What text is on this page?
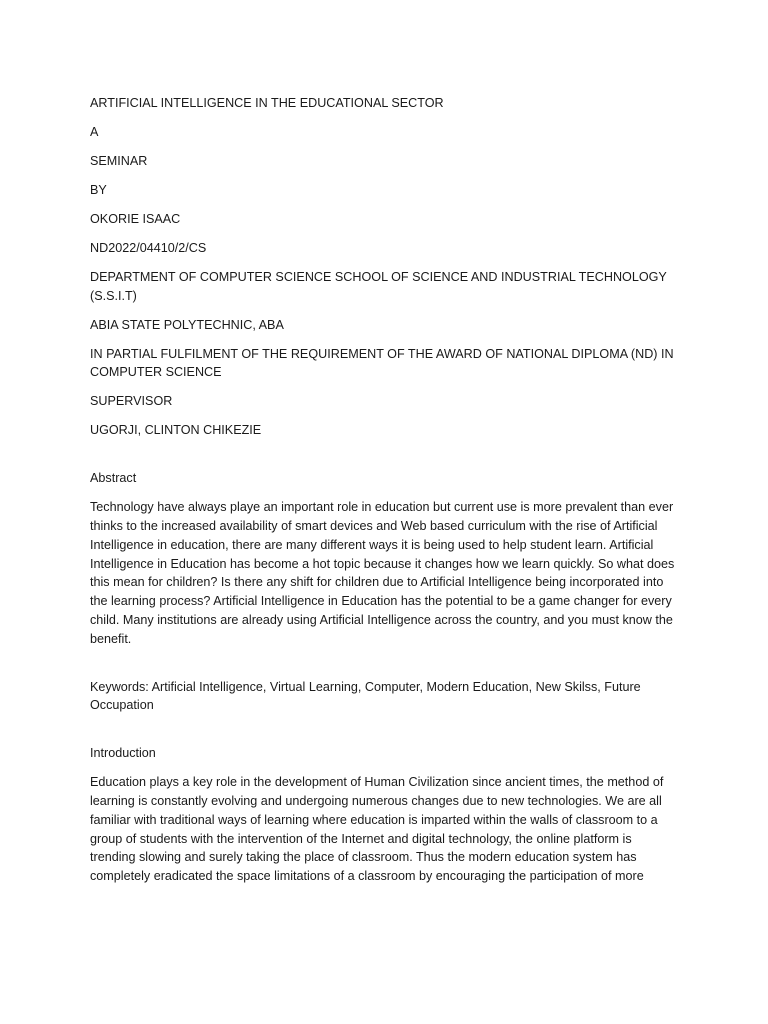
ARTIFICIAL INTELLIGENCE IN THE EDUCATIONAL SECTOR
A
SEMINAR
BY
OKORIE ISAAC
ND2022/04410/2/CS
DEPARTMENT OF COMPUTER SCIENCE SCHOOL OF SCIENCE AND INDUSTRIAL TECHNOLOGY (S.S.I.T)
ABIA STATE POLYTECHNIC, ABA
IN PARTIAL FULFILMENT OF THE REQUIREMENT OF THE AWARD OF NATIONAL DIPLOMA (ND) IN COMPUTER SCIENCE
SUPERVISOR
UGORJI, CLINTON CHIKEZIE
Abstract
Technology have always playe an important role in education but current use is more prevalent than ever thinks to the increased availability of smart devices and Web based curriculum with the rise of Artificial Intelligence in education, there are many different ways it is being used to help student learn. Artificial Intelligence in Education has become a hot topic because it changes how we learn quickly. So what does this mean for children? Is there any shift for children due to Artificial Intelligence being incorporated into the learning process? Artificial Intelligence in Education has the potential to be a game changer for every child. Many institutions are already using Artificial Intelligence across the country, and you must know the benefit.
Keywords: Artificial Intelligence, Virtual Learning, Computer, Modern Education, New Skilss, Future Occupation
Introduction
Education plays a key role in the development of Human Civilization since ancient times, the method of learning is constantly evolving and undergoing numerous changes due to new technologies. We are all familiar with traditional ways of learning where education is imparted within the walls of classroom to a group of students with the intervention of the Internet and digital technology, the online platform is trending slowing and surely taking the place of classroom. Thus the modern education system has completely eradicated the space limitations of a classroom by encouraging the participation of more
